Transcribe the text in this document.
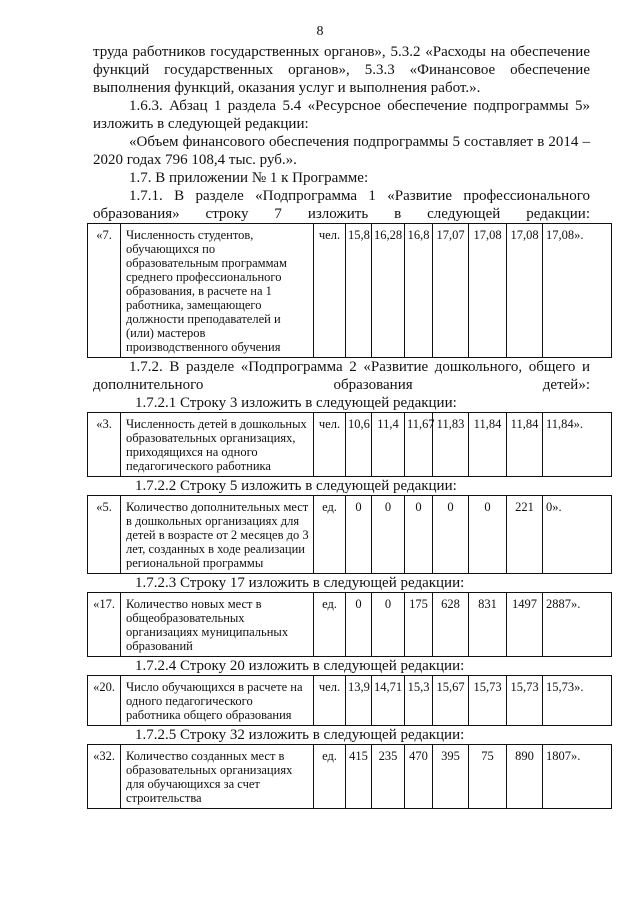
8

труда работников государственных органов», 5.3.2 «Расходы на обеспечение функций государственных органов», 5.3.3 «Финансовое обеспечение выполнения функций, оказания услуг и выполнения работ.».

1.6.3. Абзац 1 раздела 5.4 «Ресурсное обеспечение подпрограммы 5» изложить в следующей редакции:

«Объем финансового обеспечения подпрограммы 5 составляет в 2014 – 2020 годах 796 108,4 тыс. руб.».

1.7. В приложении № 1 к Программе:

1.7.1. В разделе «Подпрограмма 1 «Развитие профессионального образования» строку 7 изложить в следующей редакции:

«7.	Численность студентов, обучающихся по образовательным программам среднего профессионального образования, в расчете на 1 работника, замещающего должности преподавателей и (или) мастеров производственного обучения	чел.	15,8	16,28	16,8	17,07	17,08	17,08	17,08».

1.7.2. В разделе «Подпрограмма 2 «Развитие дошкольного, общего и дополнительного образования детей»:

1.7.2.1 Строку 3 изложить в следующей редакции:

«3.	Численность детей в дошкольных образовательных организациях, приходящихся на одного педагогического работника	чел.	10,6	11,4	11,67	11,83	11,84	11,84	11,84».

1.7.2.2 Строку 5 изложить в следующей редакции:

«5.	Количество дополнительных мест в дошкольных организациях для детей в возрасте от 2 месяцев до 3 лет, созданных в ходе реализации региональной программы	ед.	0	0	0	0	0	221	0».

1.7.2.3 Строку 17 изложить в следующей редакции:

«17.	Количество новых мест в общеобразовательных организациях муниципальных образований	ед.	0	0	175	628	831	1497	2887».

1.7.2.4 Строку 20 изложить в следующей редакции:

«20.	Число обучающихся в расчете на одного педагогического работника общего образования	чел.	13,9	14,71	15,3	15,67	15,73	15,73	15,73».

1.7.2.5 Строку 32 изложить в следующей редакции:

«32.	Количество созданных мест в образовательных организациях для обучающихся за счет строительства	ед.	415	235	470	395	75	890	1807».
